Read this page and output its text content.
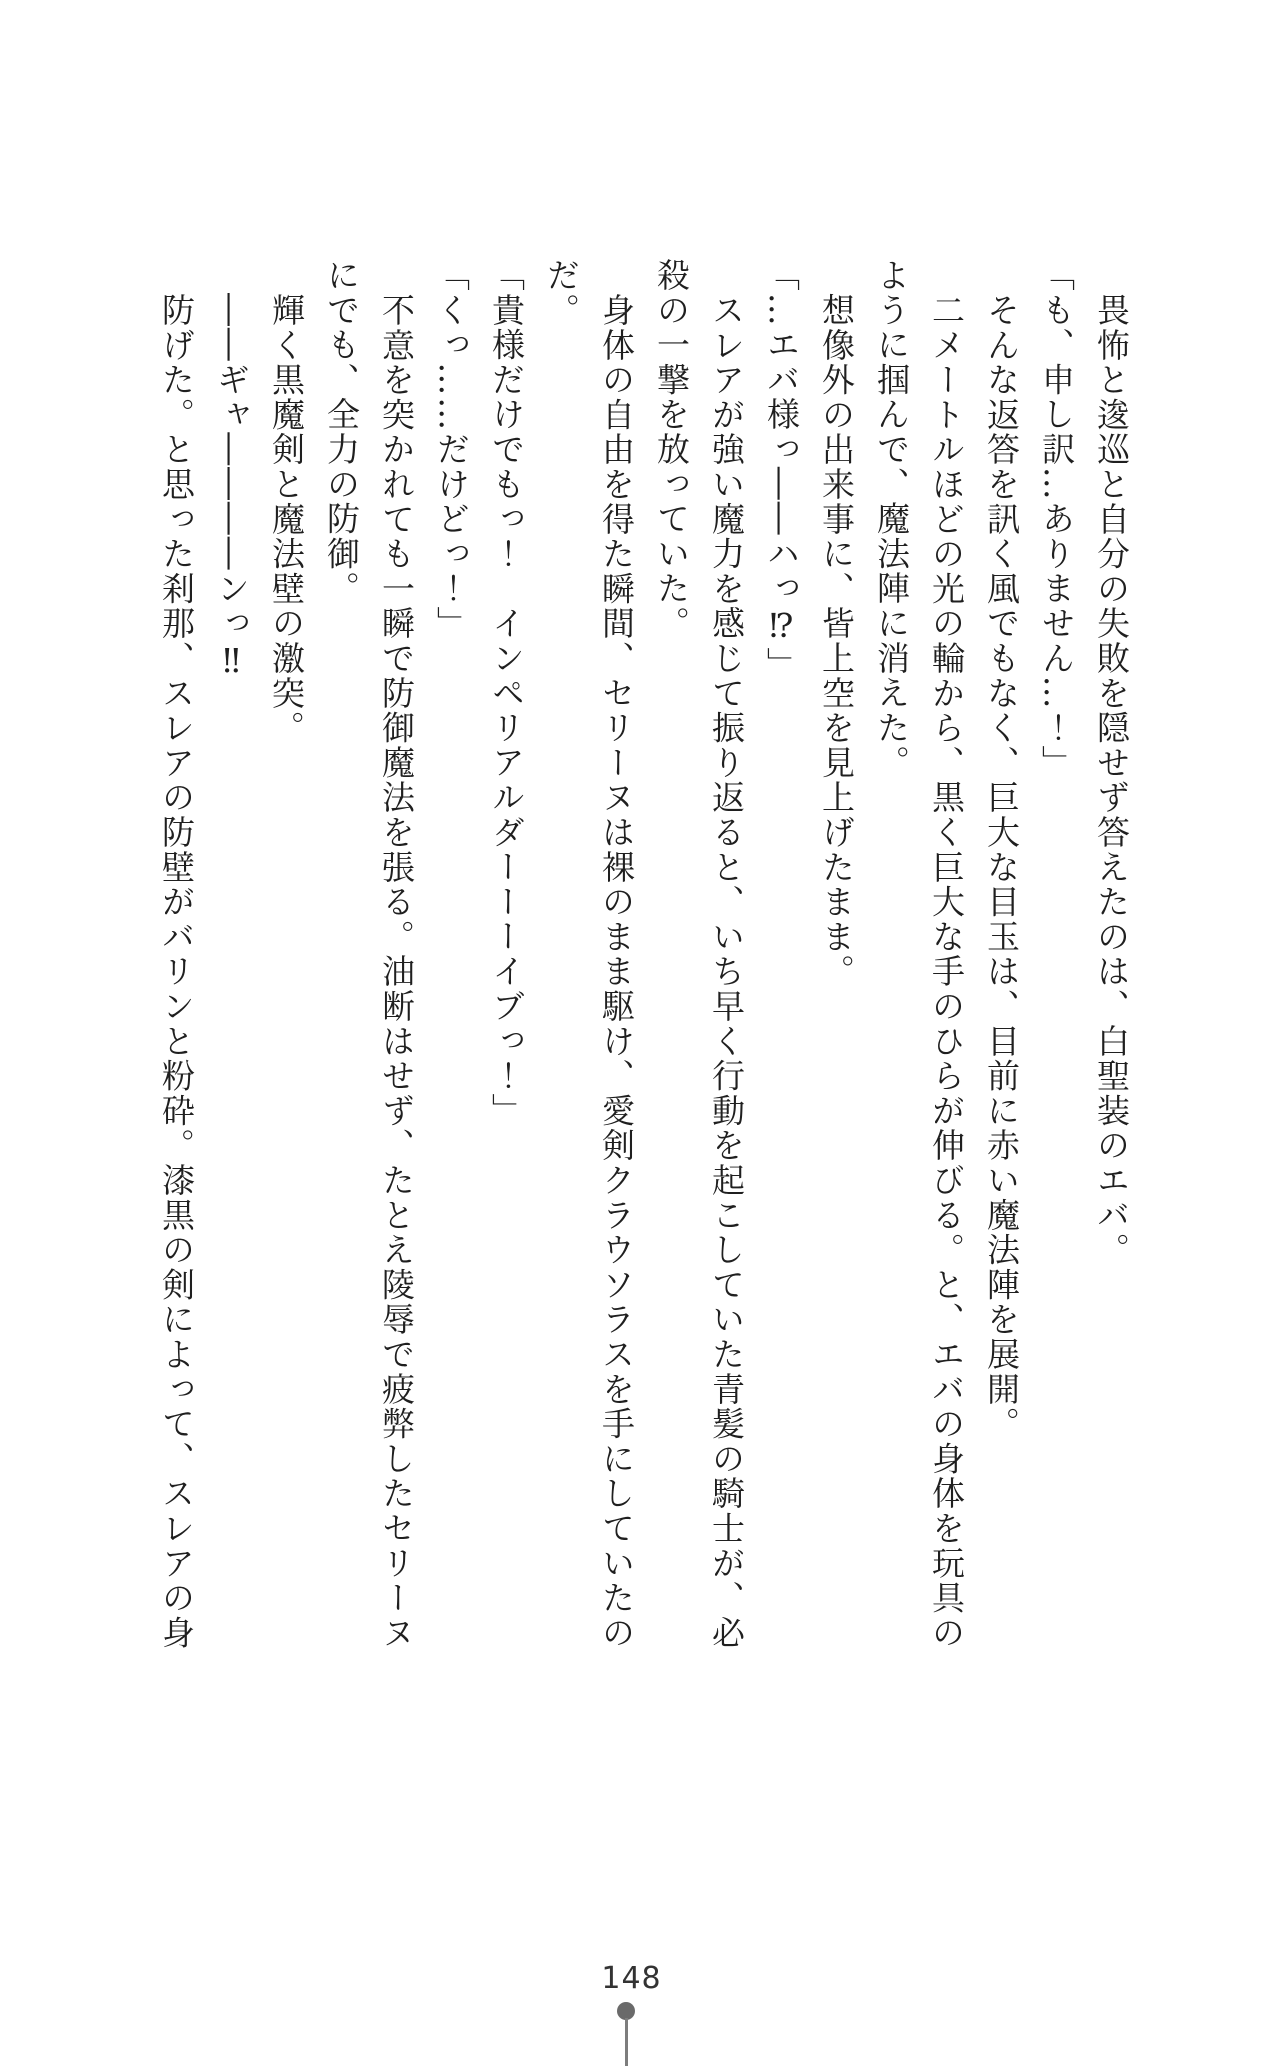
畏怖と逡巡と自分の失敗を隠せず答えたのは、白聖装のエバ。

「も、申し訳…ありません…！」

そんな返答を訊く風でもなく、巨大な目玉は、目前に赤い魔法陣を展開。

二メートルほどの光の輪から、黒く巨大な手のひらが伸びる。と、エバの身体を玩具の

ように掴んで、魔法陣に消えた。

想像外の出来事に、皆上空を見上げたまま。

「…エバ様っ――ハっ⁉」

スレアが強い魔力を感じて振り返ると、いち早く行動を起こしていた青髪の騎士が、必

殺の一撃を放っていた。

身体の自由を得た瞬間、セリーヌは裸のまま駆け、愛剣クラウソラスを手にしていたの

だ。

「貴様だけでもっ！　インペリアルダーーーイブっ！」

「くっ……だけどっ！」

不意を突かれても一瞬で防御魔法を張る。油断はせず、たとえ陵辱で疲弊したセリーヌ

にでも、全力の防御。

輝く黒魔剣と魔法壁の激突。

――ギャ――――ンっ‼

防げた。と思った刹那、スレアの防壁がバリンと粉砕。漆黒の剣によって、スレアの身

148
